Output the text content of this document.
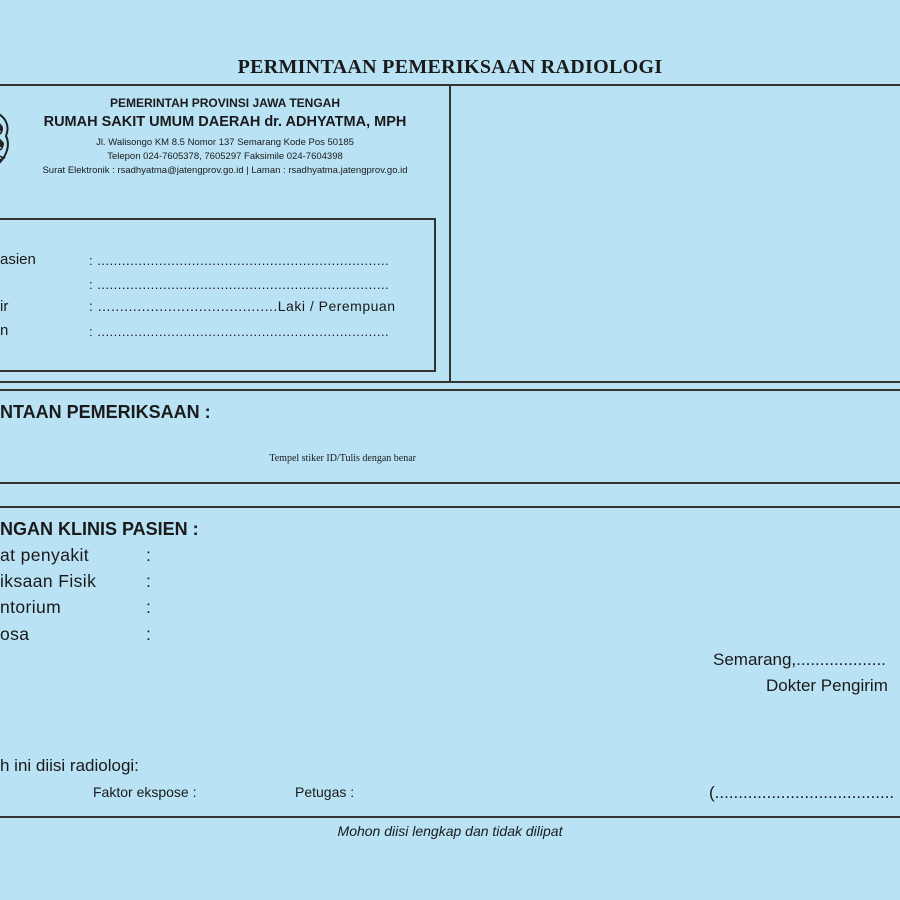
PERMINTAAN PEMERIKSAAN RADIOLOGI
PEMERINTAH PROVINSI JAWA TENGAH
RUMAH SAKIT UMUM DAERAH dr. ADHYATMA, MPH
Jl. Walisongo KM 8.5 Nomor 137 Semarang Kode Pos 50185
Telepon 024-7605378, 7605297 Faksimile 024-7604398
Surat Elektronik : rsadhyatma@jatengprov.go.id | Laman : rsadhyatma.jatengprov.go.id
Tempel stiker ID/Tulis dengan benar
asien	: .......................................................................
: .......................................................................
ir	: .........................................Laki / Perempuan
n	: .......................................................................
NTAAN PEMERIKSAAN :
NGAN KLINIS PASIEN :
at penyakit	:
iksaan Fisik	:
ntorium	:
osa	:
Semarang,...................
Dokter Pengirim
h ini diisi radiologi:
Faktor ekspose :	Petugas :	(......................................
Mohon diisi lengkap dan tidak dilipat
